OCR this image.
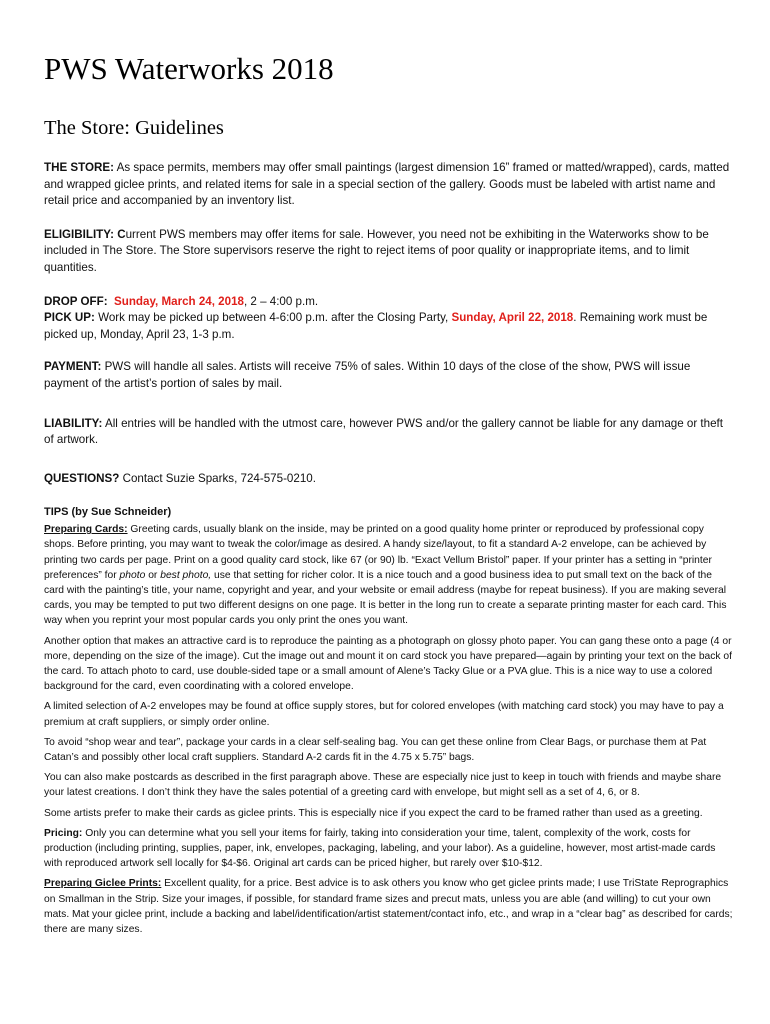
PWS Waterworks 2018
The Store: Guidelines

THE STORE: As space permits, members may offer small paintings (largest dimension 16” framed or matted/wrapped), cards, matted and wrapped giclee prints, and related items for sale in a special section of the gallery. Goods must be labeled with artist name and retail price and accompanied by an inventory list.

ELIGIBILITY: Current PWS members may offer items for sale. However, you need not be exhibiting in the Waterworks show to be included in The Store. The Store supervisors reserve the right to reject items of poor quality or inappropriate items, and to limit quantities.

DROP OFF: Sunday, March 24, 2018, 2 – 4:00 p.m.

PICK UP: Work may be picked up between 4-6:00 p.m. after the Closing Party, Sunday, April 22, 2018. Remaining work must be picked up, Monday, April 23, 1-3 p.m.

PAYMENT: PWS will handle all sales. Artists will receive 75% of sales. Within 10 days of the close of the show, PWS will issue payment of the artist’s portion of sales by mail.

LIABILITY: All entries will be handled with the utmost care, however PWS and/or the gallery cannot be liable for any damage or theft of artwork.

QUESTIONS? Contact Suzie Sparks, 724-575-0210.

TIPS (by Sue Schneider)

Preparing Cards: Greeting cards, usually blank on the inside, may be printed on a good quality home printer or reproduced by professional copy shops. Before printing, you may want to tweak the color/image as desired. A handy size/layout, to fit a standard A-2 envelope, can be achieved by printing two cards per page. Print on a good quality card stock, like 67 (or 90) lb. “Exact Vellum Bristol” paper. If your printer has a setting in “printer preferences” for photo or best photo, use that setting for richer color. It is a nice touch and a good business idea to put small text on the back of the card with the painting’s title, your name, copyright and year, and your website or email address (maybe for repeat business). If you are making several cards, you may be tempted to put two different designs on one page. It is better in the long run to create a separate printing master for each card. This way when you reprint your most popular cards you only print the ones you want.

Another option that makes an attractive card is to reproduce the painting as a photograph on glossy photo paper. You can gang these onto a page (4 or more, depending on the size of the image). Cut the image out and mount it on card stock you have prepared—again by printing your text on the back of the card. To attach photo to card, use double-sided tape or a small amount of Alene’s Tacky Glue or a PVA glue. This is a nice way to use a colored background for the card, even coordinating with a colored envelope.

A limited selection of A-2 envelopes may be found at office supply stores, but for colored envelopes (with matching card stock) you may have to pay a premium at craft suppliers, or simply order online.

To avoid “shop wear and tear”, package your cards in a clear self-sealing bag. You can get these online from Clear Bags, or purchase them at Pat Catan’s and possibly other local craft suppliers. Standard A-2 cards fit in the 4.75 x 5.75” bags.

You can also make postcards as described in the first paragraph above. These are especially nice just to keep in touch with friends and maybe share your latest creations. I don’t think they have the sales potential of a greeting card with envelope, but might sell as a set of 4, 6, or 8.

Some artists prefer to make their cards as giclee prints. This is especially nice if you expect the card to be framed rather than used as a greeting.

Pricing: Only you can determine what you sell your items for fairly, taking into consideration your time, talent, complexity of the work, costs for production (including printing, supplies, paper, ink, envelopes, packaging, labeling, and your labor). As a guideline, however, most artist-made cards with reproduced artwork sell locally for $4-$6. Original art cards can be priced higher, but rarely over $10-$12.

Preparing Giclee Prints: Excellent quality, for a price. Best advice is to ask others you know who get giclee prints made; I use TriState Reprographics on Smallman in the Strip. Size your images, if possible, for standard frame sizes and precut mats, unless you are able (and willing) to cut your own mats. Mat your giclee print, include a backing and label/identification/artist statement/contact info, etc., and wrap in a “clear bag” as described for cards; there are many sizes.
